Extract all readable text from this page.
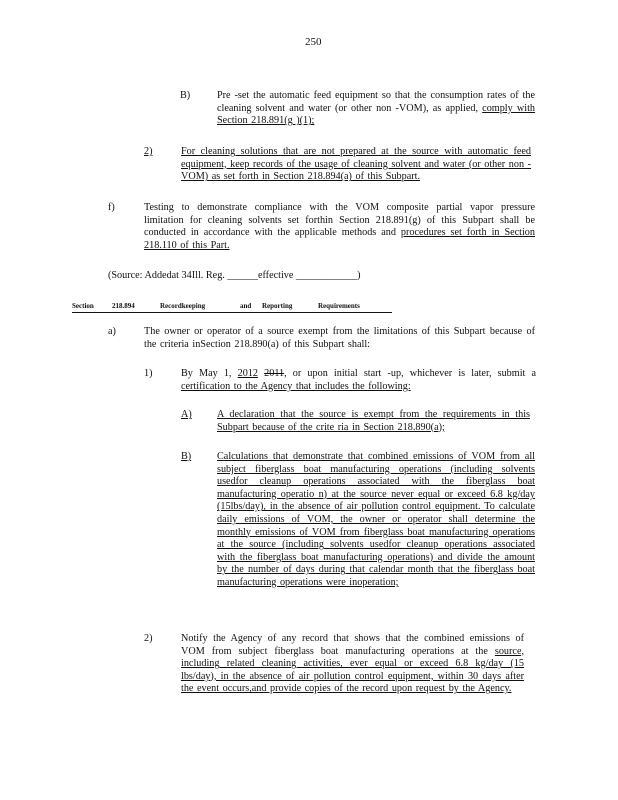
250
B)	Pre -set the automatic feed equipment so that the consumption rates of the cleaning solvent and water (or other non -VOM), as applied, comply with Section 218.891(g )(1);
2)	For cleaning solutions that are not prepared at the source with automatic feed equipment, keep records of the usage of cleaning solvent and water (or other non -VOM) as set forth in Section 218.894(a) of this Subpart.
f)	Testing to demonstrate compliance with the VOM composite partial vapor pressure limitation for cleaning solvents set forthin Section 218.891(g) of this Subpart shall be conducted in accordance with the applicable methods and procedures set forth in Section 218.110 of this Part.
(Source: Addedat 34Ill. Reg. ______effective ____________)
Section	218.894	Recordkeeping	and Reporting	Requirements
a)	The owner or operator of a source exempt from the limitations of this Subpart because of the criteria inSection 218.890(a) of this Subpart shall:
1)	By May 1, 2012 2011, or upon initial start -up, whichever is later, submit a certification to the Agency that includes the following:
A) A declaration that the source is exempt from the requirements in this Subpart because of the crite ria in Section 218.890(a);
B)	Calculations that demonstrate that combined emissions of VOM from all subject fiberglass boat manufacturing operations (including solvents usedfor cleanup operations associated with the fiberglass boat manufacturing operatio n) at the source never equal or exceed 6.8 kg/day (15lbs/day), in the absence of air pollution control equipment. To calculate daily emissions of VOM, the owner or operator shall determine the monthly emissions of VOM from fiberglass boat manufacturing operations at the source (including solvents usedfor cleanup operations associated with the fiberglass boat manufacturing operations) and divide the amount by the number of days during that calendar month that the fiberglass boat manufacturing operations were inoperation;
2)	Notify the Agency of any record that shows that the combined emissions of VOM from subject fiberglass boat manufacturing operations at the source, including related cleaning activities, ever equal or exceed 6.8 kg/day (15 lbs/day), in the absence of air pollution control equipment, within 30 days after the event occurs,and provide copies of the record upon request by the Agency.
